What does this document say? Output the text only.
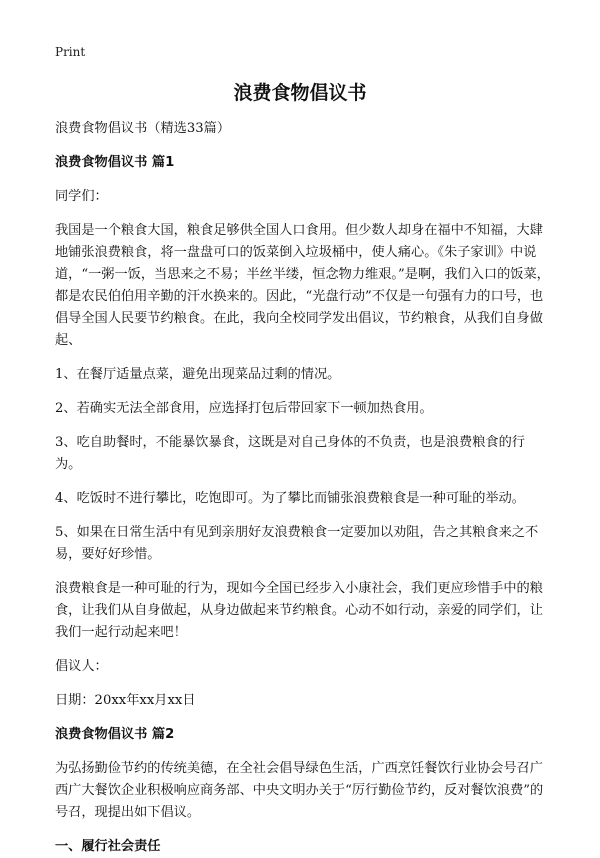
Print
浪费食物倡议书

浪费食物倡议书（精选33篇）

浪费食物倡议书 篇1

同学们：

我国是一个粮食大国，粮食足够供全国人口食用。但少数人却身在福中不知福，大肆地铺张浪费粮食，将一盘盘可口的饭菜倒入垃圾桶中，使人痛心。《朱子家训》中说道，“一粥一饭，当思来之不易；半丝半缕，恒念物力维艰。”是啊，我们入口的饭菜，都是农民伯伯用辛勤的汗水换来的。因此，“光盘行动”不仅是一句强有力的口号，也倡导全国人民要节约粮食。在此，我向全校同学发出倡议，节约粮食，从我们自身做起、

1、在餐厅适量点菜，避免出现菜品过剩的情况。

2、若确实无法全部食用，应选择打包后带回家下一顿加热食用。

3、吃自助餐时，不能暴饮暴食，这既是对自己身体的不负责，也是浪费粮食的行为。

4、吃饭时不进行攀比，吃饱即可。为了攀比而铺张浪费粮食是一种可耻的举动。

5、如果在日常生活中有见到亲朋好友浪费粮食一定要加以劝阻，告之其粮食来之不易，要好好珍惜。

浪费粮食是一种可耻的行为，现如今全国已经步入小康社会，我们更应珍惜手中的粮食，让我们从自身做起，从身边做起来节约粮食。心动不如行动，亲爱的同学们，让我们一起行动起来吧！

倡议人：

日期：20xx年xx月xx日

浪费食物倡议书 篇2

为弘扬勤俭节约的传统美德，在全社会倡导绿色生活，广西烹饪餐饮行业协会号召广西广大餐饮企业积极响应商务部、中央文明办关于“厉行勤俭节约，反对餐饮浪费”的号召，现提出如下倡议。

一、履行社会责任
